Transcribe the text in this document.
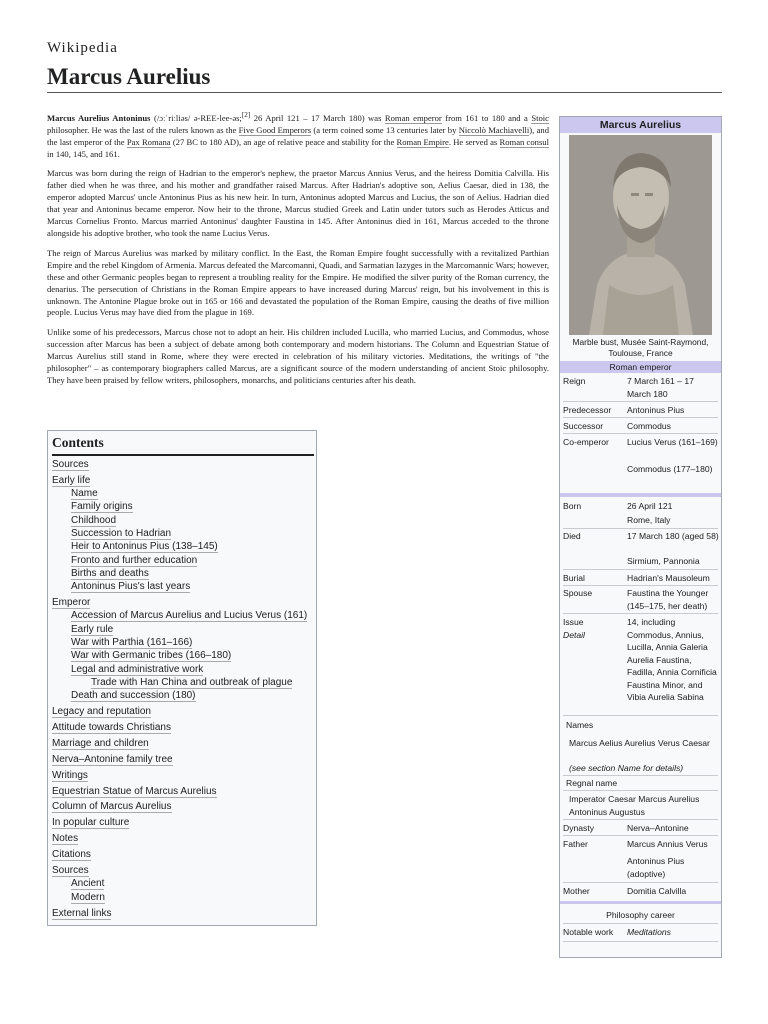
Wikipedia
Marcus Aurelius

Marcus Aurelius Antoninus (/ɔːˈriːliəs/ ə-REE-lee-əs;[2] 26 April 121 – 17 March 180) was Roman emperor from 161 to 180 and a Stoic philosopher. He was the last of the rulers known as the Five Good Emperors (a term coined some 13 centuries later by Niccolò Machiavelli), and the last emperor of the Pax Romana (27 BC to 180 AD), an age of relative peace and stability for the Roman Empire. He served as Roman consul in 140, 145, and 161.

Marcus was born during the reign of Hadrian to the emperor's nephew, the praetor Marcus Annius Verus, and the heiress Domitia Calvilla. His father died when he was three, and his mother and grandfather raised Marcus. After Hadrian's adoptive son, Aelius Caesar, died in 138, the emperor adopted Marcus' uncle Antoninus Pius as his new heir. In turn, Antoninus adopted Marcus and Lucius, the son of Aelius. Hadrian died that year and Antoninus became emperor. Now heir to the throne, Marcus studied Greek and Latin under tutors such as Herodes Atticus and Marcus Cornelius Fronto. Marcus married Antoninus' daughter Faustina in 145. After Antoninus died in 161, Marcus acceded to the throne alongside his adoptive brother, who took the name Lucius Verus.

The reign of Marcus Aurelius was marked by military conflict. In the East, the Roman Empire fought successfully with a revitalized Parthian Empire and the rebel Kingdom of Armenia. Marcus defeated the Marcomanni, Quadi, and Sarmatian Iazyges in the Marcomannic Wars; however, these and other Germanic peoples began to represent a troubling reality for the Empire. He modified the silver purity of the Roman currency, the denarius. The persecution of Christians in the Roman Empire appears to have increased during Marcus' reign, but his involvement in this is unknown. The Antonine Plague broke out in 165 or 166 and devastated the population of the Roman Empire, causing the deaths of five million people. Lucius Verus may have died from the plague in 169.

Unlike some of his predecessors, Marcus chose not to adopt an heir. His children included Lucilla, who married Lucius, and Commodus, whose succession after Marcus has been a subject of debate among both contemporary and modern historians. The Column and Equestrian Statue of Marcus Aurelius still stand in Rome, where they were erected in celebration of his military victories. Meditations, the writings of "the philosopher" – as contemporary biographers called Marcus, are a significant source of the modern understanding of ancient Stoic philosophy. They have been praised by fellow writers, philosophers, monarchs, and politicians centuries after his death.

Contents
Sources
Early life
Name
Family origins
Childhood
Succession to Hadrian
Heir to Antoninus Pius (138–145)
Fronto and further education
Births and deaths
Antoninus Pius's last years
Emperor
Accession of Marcus Aurelius and Lucius Verus (161)
Early rule
War with Parthia (161–166)
War with Germanic tribes (166–180)
Legal and administrative work
Trade with Han China and outbreak of plague
Death and succession (180)
Legacy and reputation
Attitude towards Christians
Marriage and children
Nerva–Antonine family tree
Writings
Equestrian Statue of Marcus Aurelius
Column of Marcus Aurelius
In popular culture
Notes
Citations
Sources
Ancient
Modern
External links
Marcus Aurelius
Marble bust, Musée Saint-Raymond, Toulouse, France
Roman emperor
Reign	7 March 161 – 17 March 180
Predecessor	Antoninus Pius
Successor	Commodus
Co-emperor	Lucius Verus (161–169)
Commodus (177–180)
Born	26 April 121
Rome, Italy
Died	17 March 180 (aged 58)
Sirmium, Pannonia
Burial	Hadrian's Mausoleum
Spouse	Faustina the Younger (145–175, her death)
Issue
Detail
14, including Commodus, Annius, Lucilla, Annia Galeria Aurelia Faustina, Fadilla, Annia Cornificia Faustina Minor, and Vibia Aurelia Sabina
Names
Marcus Aelius Aurelius Verus Caesar
(see section Name for details)
Regnal name
Imperator Caesar Marcus Aurelius Antoninus Augustus
Dynasty	Nerva–Antonine
Father	Marcus Annius Verus
Antoninus Pius
(adoptive)
Mother	Domitia Calvilla
Philosophy career
Notable work	Meditations
